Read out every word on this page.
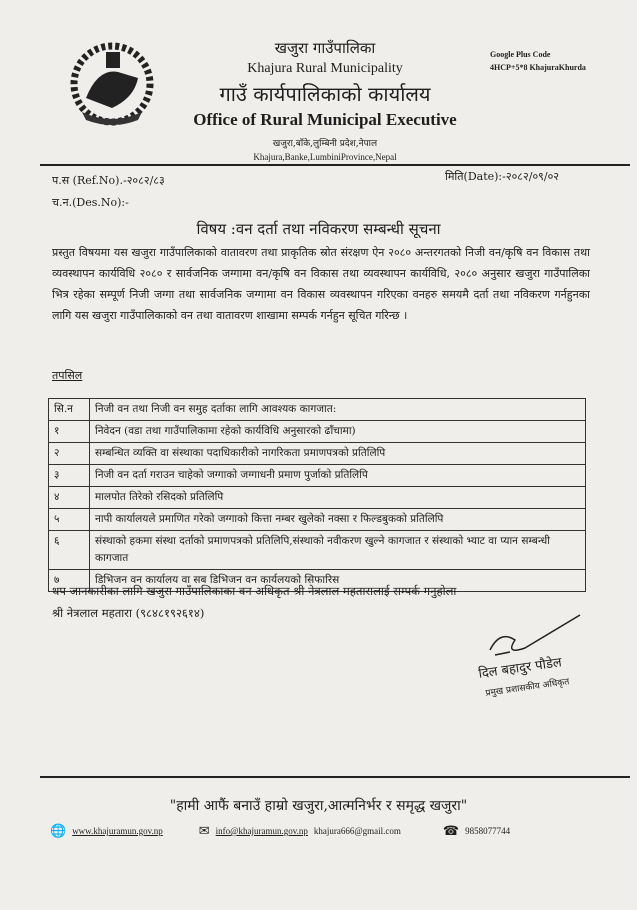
खजुरा गाउँपालिका
Khajura Rural Municipality
गाउँ कार्यपालिकाको कार्यालय
Office of Rural Municipal Executive
खजुरा,बाँके,लुम्बिनी प्रदेश,नेपाल
Khajura,Banke,LumbiniProvince,Nepal
Google Plus Code
4HCP+5*8 KhajuraKhurda
प.स (Ref.No).-२०८२/८३
च.न.(Des.No):-
मिति(Date):-२०८२/०९/०२
विषय :वन दर्ता तथा नविकरण सम्बन्धी सूचना
प्रस्तुत विषयमा यस खजुरा गाउँपालिकाको वातावरण तथा प्राकृतिक स्रोत संरक्षण ऐन २०८० अन्तरगतको निजी वन/कृषि वन विकास तथा व्यवस्थापन कार्यविधि २०८० र सार्वजनिक जग्गामा वन/कृषि वन विकास तथा व्यवस्थापन कार्यविधि, २०८० अनुसार खजुरा गाउँपालिका भित्र रहेका सम्पूर्ण निजी जग्गा तथा सार्वजनिक जग्गामा वन विकास व्यवस्थापन गरिएका वनहरु समयमै दर्ता तथा नविकरण गर्नहुनका लागि यस खजुरा गाउँपालिकाको वन तथा वातावरण शाखामा सम्पर्क गर्नहुन सूचित गरिन्छ ।
तपसिल
सि.न	निजी वन तथा निजी वन समुह दर्ताका लागि आवश्यक कागजात:
१	निवेदन (वडा तथा गाउँपालिकामा रहेको कार्यविधि अनुसारको ढाँचामा)
२	सम्बन्धित व्यक्ति वा संस्थाका पदाधिकारीको नागरिकता प्रमाणपत्रको प्रतिलिपि
३	निजी वन दर्ता गराउन चाहेको जग्गाको जग्गाधनी प्रमाण पुर्जाको प्रतिलिपि
४	मालपोत तिरेको रसिदको प्रतिलिपि
५	नापी कार्यालयले प्रमाणित गरेको जग्गाको कित्ता नम्बर खुलेको नक्सा र फिल्डबुकको प्रतिलिपि
६	संस्थाको हकमा संस्था दर्ताको प्रमाणपत्रको प्रतिलिपि,संस्थाको नवीकरण खुल्ने कागजात र संस्थाको भ्याट वा प्यान सम्बन्धी कागजात
७	डिभिजन वन कार्यालय वा सब डिभिजन वन कार्यलयको सिफारिस
थप जानकारीका लागि खजुरा गाउँपालिकाका वन अधिकृत श्री नेत्रलाल महतारालाई सम्पर्क गनुहोला
श्री नेत्रलाल महतारा (९८४८१९२६१४)
दिल बहादुर पौडेल
प्रमुख प्रशासकीय अधिकृत
"हामी आफैं बनाउँ हाम्रो खजुरा,आत्मनिर्भर र समृद्ध खजुरा"
🌐 www.khajuramun.gov.np	✉ info@khajuramun.gov.np khajura666@gmail.com	☎ 9858077744
